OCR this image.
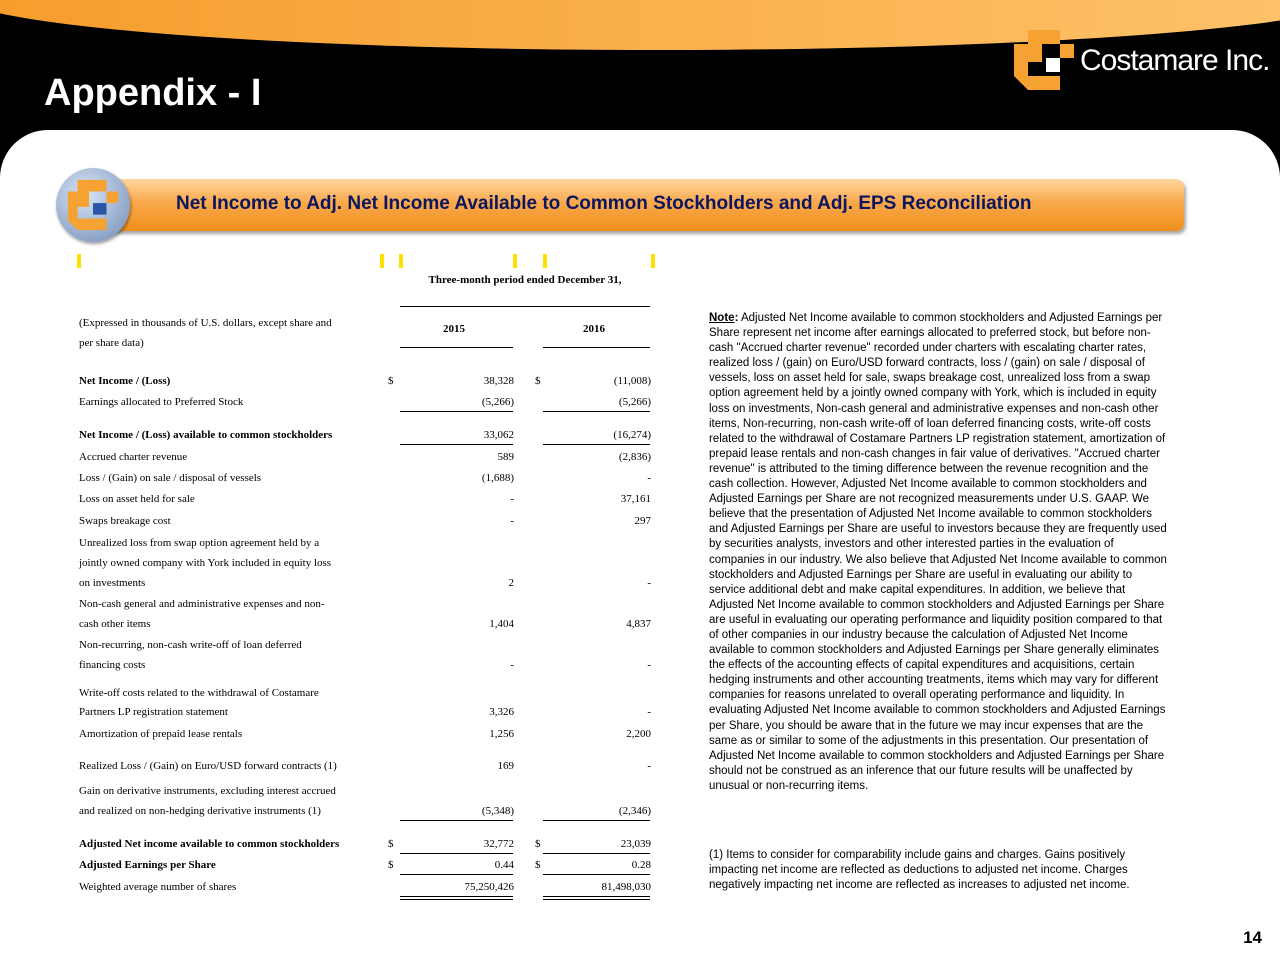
Appendix - I
Costamare Inc.
Net Income to Adj. Net Income Available to Common Stockholders and Adj. EPS Reconciliation
Three-month period ended December 31,
2015	2016
(Expressed in thousands of U.S. dollars, except share and
per share data)
Net Income / (Loss)	$	38,328 $	(11,008)
Earnings allocated to Preferred Stock	(5,266)	(5,266)
Net Income / (Loss) available to common stockholders	33,062	(16,274)
Accrued charter revenue	589	(2,836)
Loss / (Gain) on sale / disposal of vessels	(1,688)	-
Loss on asset held for sale	-	37,161
Swaps breakage cost	-	297
Unrealized loss from swap option agreement held by a
jointly owned company with York included in equity loss
on investments	2	-
Non-cash general and administrative expenses and non-
cash other items	1,404	4,837
Non-recurring, non-cash write-off of loan deferred
financing costs	-	-
Write-off costs related to the withdrawal of Costamare
Partners LP registration statement	3,326	-
Amortization of prepaid lease rentals	1,256	2,200
Realized Loss / (Gain) on Euro/USD forward contracts (1)	169	-
Gain on derivative instruments, excluding interest accrued
and realized on non-hedging derivative instruments (1)	(5,348)	(2,346)
Adjusted Net income available to common stockholders	$	32,772 $	23,039
Adjusted Earnings per Share	$	0.44 $	0.28
Weighted average number of shares	75,250,426	81,498,030
Note: Adjusted Net Income available to common stockholders and Adjusted Earnings per Share represent net income after earnings allocated to preferred stock, but before non-cash "Accrued charter revenue" recorded under charters with escalating charter rates, realized loss / (gain) on Euro/USD forward contracts, loss / (gain) on sale / disposal of vessels, loss on asset held for sale, swaps breakage cost, unrealized loss from a swap option agreement held by a jointly owned company with York, which is included in equity loss on investments, Non-cash general and administrative expenses and non-cash other items, Non-recurring, non-cash write-off of loan deferred financing costs, write-off costs related to the withdrawal of Costamare Partners LP registration statement, amortization of prepaid lease rentals and non-cash changes in fair value of derivatives. "Accrued charter revenue" is attributed to the timing difference between the revenue recognition and the cash collection. However, Adjusted Net Income available to common stockholders and Adjusted Earnings per Share are not recognized measurements under U.S. GAAP. We believe that the presentation of Adjusted Net Income available to common stockholders and Adjusted Earnings per Share are useful to investors because they are frequently used by securities analysts, investors and other interested parties in the evaluation of companies in our industry. We also believe that Adjusted Net Income available to common stockholders and Adjusted Earnings per Share are useful in evaluating our ability to service additional debt and make capital expenditures. In addition, we believe that Adjusted Net Income available to common stockholders and Adjusted Earnings per Share are useful in evaluating our operating performance and liquidity position compared to that of other companies in our industry because the calculation of Adjusted Net Income available to common stockholders and Adjusted Earnings per Share generally eliminates the effects of the accounting effects of capital expenditures and acquisitions, certain hedging instruments and other accounting treatments, items which may vary for different companies for reasons unrelated to overall operating performance and liquidity. In evaluating Adjusted Net Income available to common stockholders and Adjusted Earnings per Share, you should be aware that in the future we may incur expenses that are the same as or similar to some of the adjustments in this presentation. Our presentation of Adjusted Net Income available to common stockholders and Adjusted Earnings per Share should not be construed as an inference that our future results will be unaffected by unusual or non-recurring items.
(1) Items to consider for comparability include gains and charges. Gains positively impacting net income are reflected as deductions to adjusted net income. Charges negatively impacting net income are reflected as increases to adjusted net income.
14
